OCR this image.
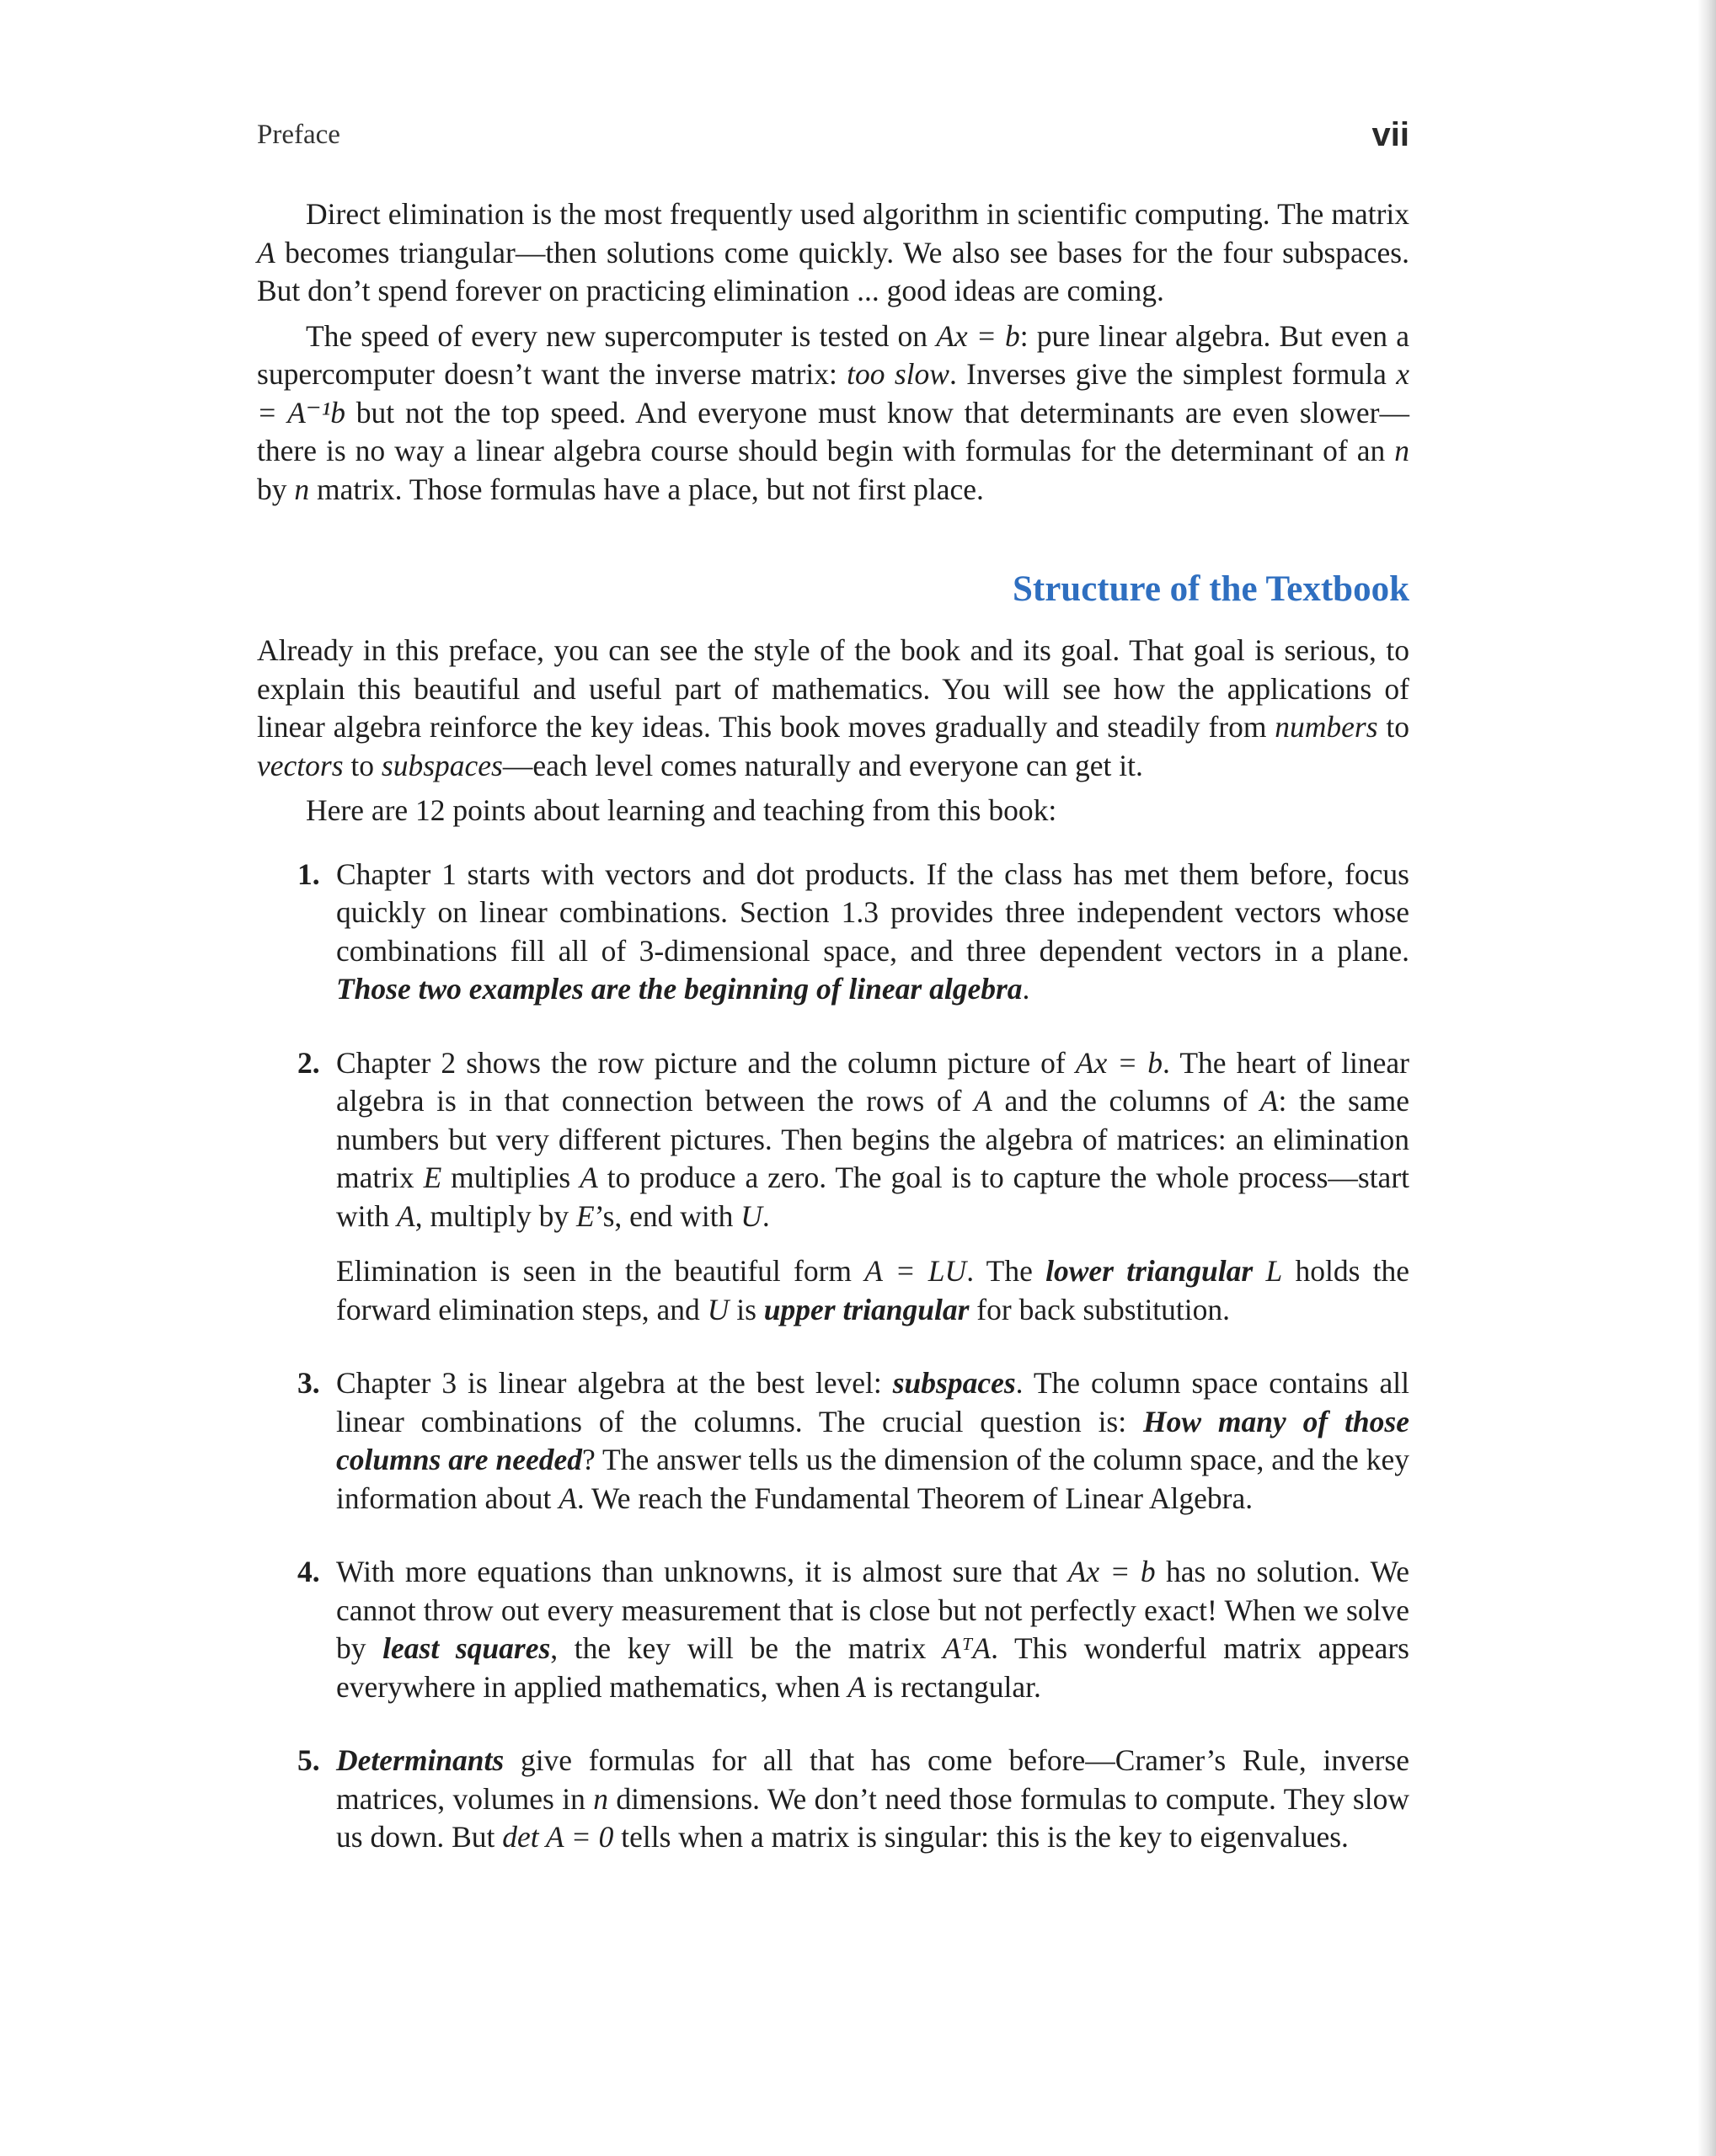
Preface	vii

Direct elimination is the most frequently used algorithm in scientific computing. The matrix A becomes triangular—then solutions come quickly. We also see bases for the four subspaces. But don’t spend forever on practicing elimination ... good ideas are coming.

The speed of every new supercomputer is tested on Ax = b: pure linear algebra. But even a supercomputer doesn’t want the inverse matrix: too slow. Inverses give the simplest formula x = A⁻¹b but not the top speed. And everyone must know that determinants are even slower—there is no way a linear algebra course should begin with formulas for the determinant of an n by n matrix. Those formulas have a place, but not first place.

Structure of the Textbook

Already in this preface, you can see the style of the book and its goal. That goal is serious, to explain this beautiful and useful part of mathematics. You will see how the applications of linear algebra reinforce the key ideas. This book moves gradually and steadily from numbers to vectors to subspaces—each level comes naturally and everyone can get it.

Here are 12 points about learning and teaching from this book:

1. Chapter 1 starts with vectors and dot products. If the class has met them before, focus quickly on linear combinations. Section 1.3 provides three independent vectors whose combinations fill all of 3-dimensional space, and three dependent vectors in a plane. Those two examples are the beginning of linear algebra.

2. Chapter 2 shows the row picture and the column picture of Ax = b. The heart of linear algebra is in that connection between the rows of A and the columns of A: the same numbers but very different pictures. Then begins the algebra of matrices: an elimination matrix E multiplies A to produce a zero. The goal is to capture the whole process—start with A, multiply by E’s, end with U.

Elimination is seen in the beautiful form A = LU. The lower triangular L holds the forward elimination steps, and U is upper triangular for back substitution.

3. Chapter 3 is linear algebra at the best level: subspaces. The column space contains all linear combinations of the columns. The crucial question is: How many of those columns are needed? The answer tells us the dimension of the column space, and the key information about A. We reach the Fundamental Theorem of Linear Algebra.

4. With more equations than unknowns, it is almost sure that Ax = b has no solution. We cannot throw out every measurement that is close but not perfectly exact! When we solve by least squares, the key will be the matrix AᵀA. This wonderful matrix appears everywhere in applied mathematics, when A is rectangular.

5. Determinants give formulas for all that has come before—Cramer’s Rule, inverse matrices, volumes in n dimensions. We don’t need those formulas to compute. They slow us down. But det A = 0 tells when a matrix is singular: this is the key to eigenvalues.
